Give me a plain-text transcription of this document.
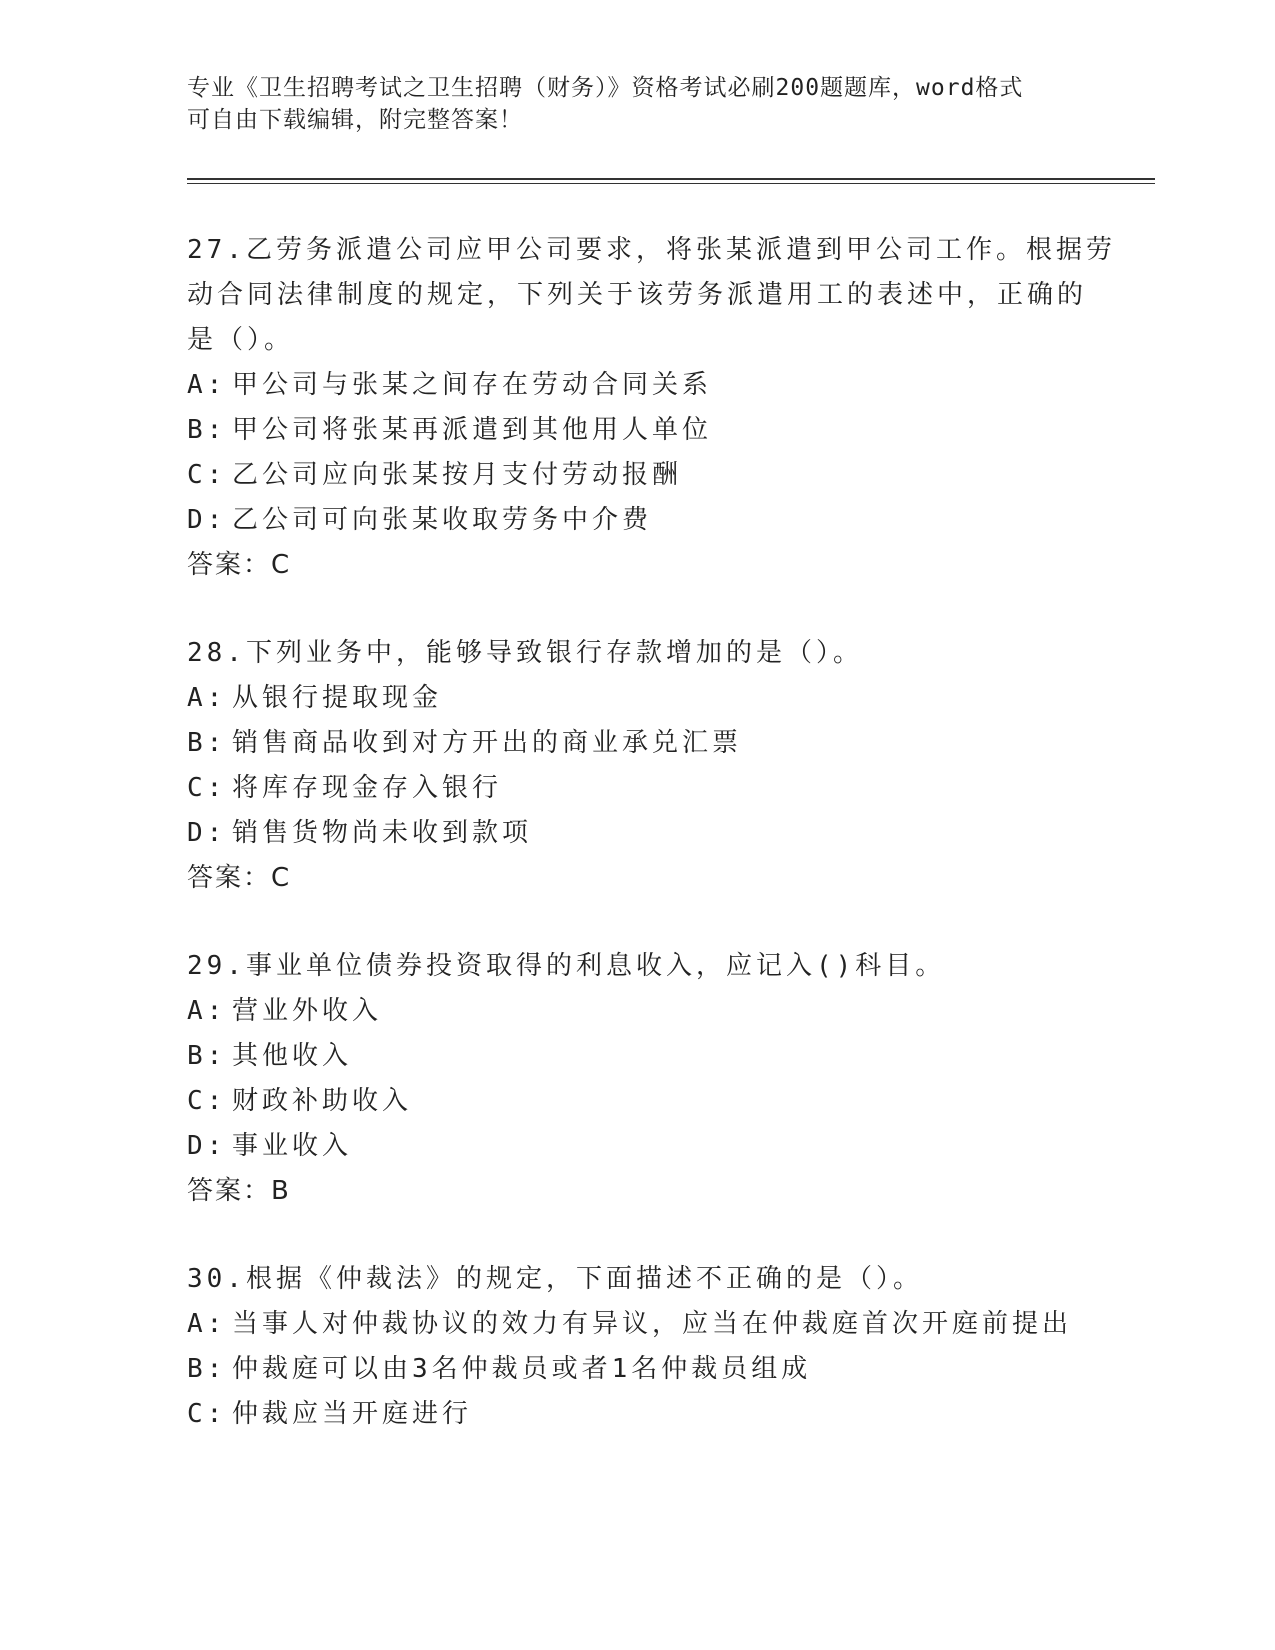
专业《卫生招聘考试之卫生招聘（财务）》资格考试必刷200题题库，word格式
可自由下载编辑，附完整答案！
27.乙劳务派遣公司应甲公司要求，将张某派遣到甲公司工作。根据劳
动合同法律制度的规定，下列关于该劳务派遣用工的表述中，正确的
是（）。
A: 甲公司与张某之间存在劳动合同关系
B: 甲公司将张某再派遣到其他用人单位
C: 乙公司应向张某按月支付劳动报酬
D: 乙公司可向张某收取劳务中介费
答案：C
28.下列业务中，能够导致银行存款增加的是（）。
A: 从银行提取现金
B: 销售商品收到对方开出的商业承兑汇票
C: 将库存现金存入银行
D: 销售货物尚未收到款项
答案：C
29.事业单位债券投资取得的利息收入，应记入()科目。
A: 营业外收入
B: 其他收入
C: 财政补助收入
D: 事业收入
答案：B
30.根据《仲裁法》的规定，下面描述不正确的是（）。
A: 当事人对仲裁协议的效力有异议，应当在仲裁庭首次开庭前提出
B: 仲裁庭可以由3名仲裁员或者1名仲裁员组成
C: 仲裁应当开庭进行
